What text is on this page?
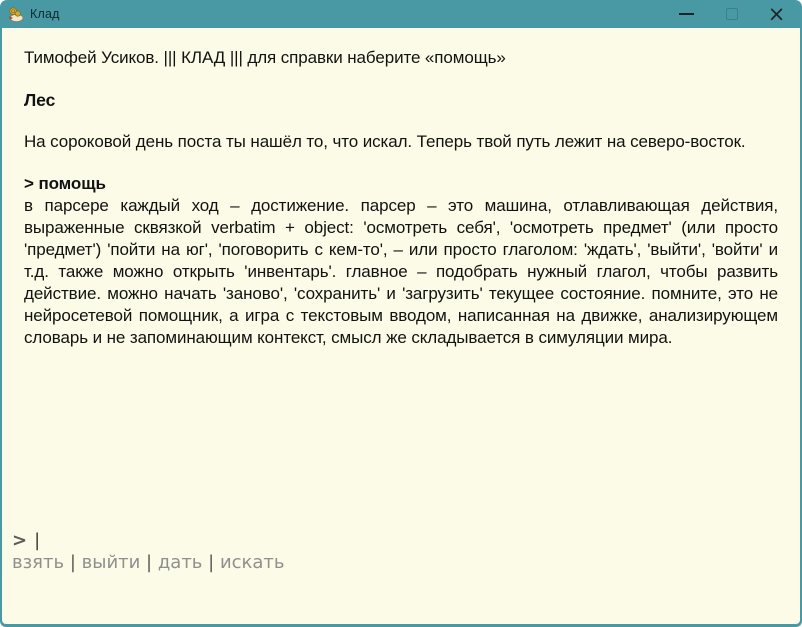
Клад	×

Тимофей Усиков. ||| КЛАД ||| для справки наберите «помощь»

Лес

На сороковой день поста ты нашёл то, что искал. Теперь твой путь лежит на северо-восток.

> помощь

в парсере каждый ход – достижение. парсер – это машина, отлавливающая действия, выраженные сквязкой verbatim + object: 'осмотреть себя', 'осмотреть предмет' (или просто 'предмет') 'пойти на юг', 'поговорить с кем-то', – или просто глаголом: 'ждать', 'выйти', 'войти' и т.д. также можно открыть 'инвентарь'. главное – подобрать нужный глагол, чтобы развить действие. можно начать 'заново', 'сохранить' и 'загрузить' текущее состояние. помните, это не нейросетевой помощник, а игра с текстовым вводом, написанная на движке, анализирующем словарь и не запоминающим контекст, смысл же складывается в симуляции мира.

> |
взять | выйти | дать | искать
